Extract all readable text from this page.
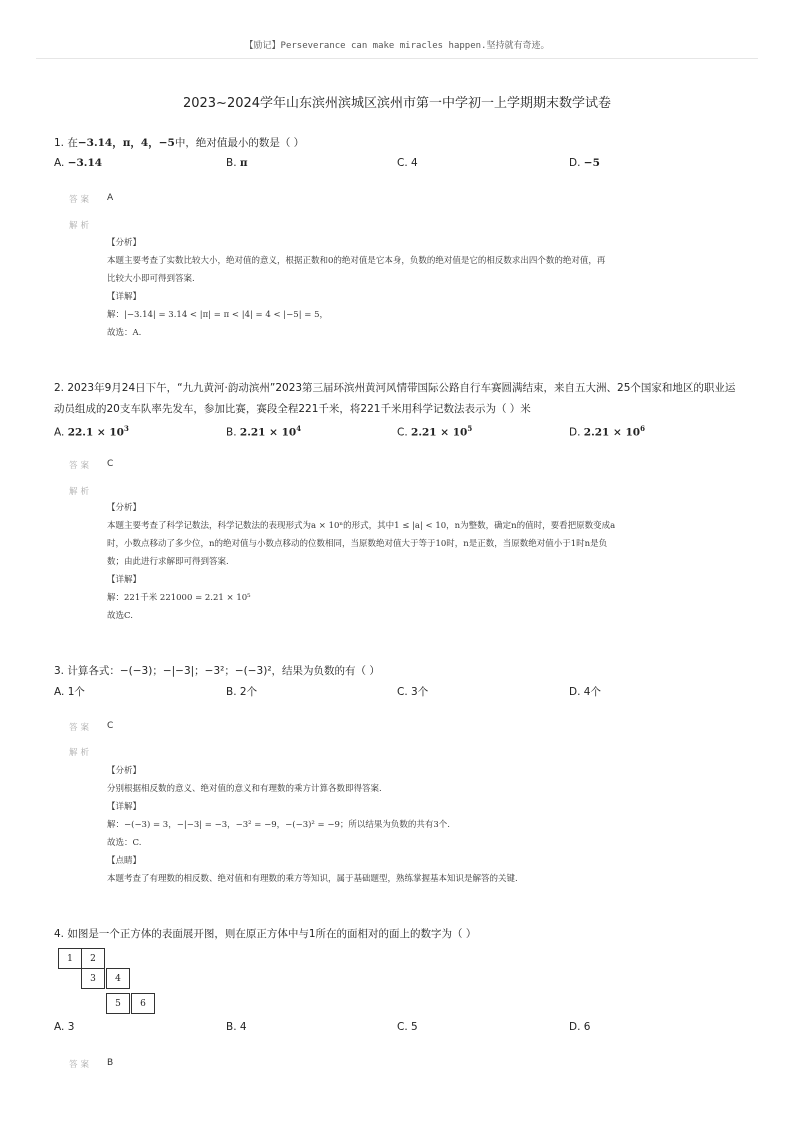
【励记】Perseverance can make miracles happen.坚持就有奇迹。
2023~2024学年山东滨州滨城区滨州市第一中学初一上学期期末数学试卷
1. 在−3.14，π，4，−5中，绝对值最小的数是（ ）
A. −3.14	B. π	C. 4	D. −5
答案 A
解析
【分析】
本题主要考查了实数比较大小，绝对值的意义，根据正数和0的绝对值是它本身，负数的绝对值是它的相反数求出四个数的绝对值，再
比较大小即可得到答案.
【详解】
解：|−3.14| = 3.14 < |π| = π < |4| = 4 < |−5| = 5，
故选：A.
2. 2023年9月24日下午，“九九黄河·韵动滨州”2023第三届环滨州黄河风情带国际公路自行车赛圆满结束，来自五大洲、25个国家和地区的职业运
动员组成的20支车队率先发车，参加比赛，赛段全程221千米，将221千米用科学记数法表示为（ ）米
A. $22.1 \times 10^3$	B. $2.21 \times 10^4$	C. $2.21 \times 10^5$	D. $2.21 \times 10^6$
答案 C
解析
【分析】
本题主要考查了科学记数法，科学记数法的表现形式为a × 10ⁿ的形式，其中1 ≤ |a| < 10，n为整数，确定n的值时，要看把原数变成a
时，小数点移动了多少位，n的绝对值与小数点移动的位数相同，当原数绝对值大于等于10时，n是正数，当原数绝对值小于1时n是负
数；由此进行求解即可得到答案.
【详解】
解：221千米 221000 = 2.21 × 10⁵
故选C.
3. 计算各式：−(−3)；−|−3|；−3²；−(−3)²，结果为负数的有（ ）
A. 1个	B. 2个	C. 3个	D. 4个
答案 C
解析
【分析】
分别根据相反数的意义、绝对值的意义和有理数的乘方计算各数即得答案.
【详解】
解：−(−3) = 3，−|−3| = −3，−3² = −9，−(−3)² = −9；所以结果为负数的共有3个.
故选：C.
【点睛】
本题考查了有理数的相反数、绝对值和有理数的乘方等知识，属于基础题型，熟练掌握基本知识是解答的关键.
4. 如图是一个正方体的表面展开图，则在原正方体中与1所在的面相对的面上的数字为（ ）
1	2
3	4
5	6
A. 3	B. 4	C. 5	D. 6
答案 B
